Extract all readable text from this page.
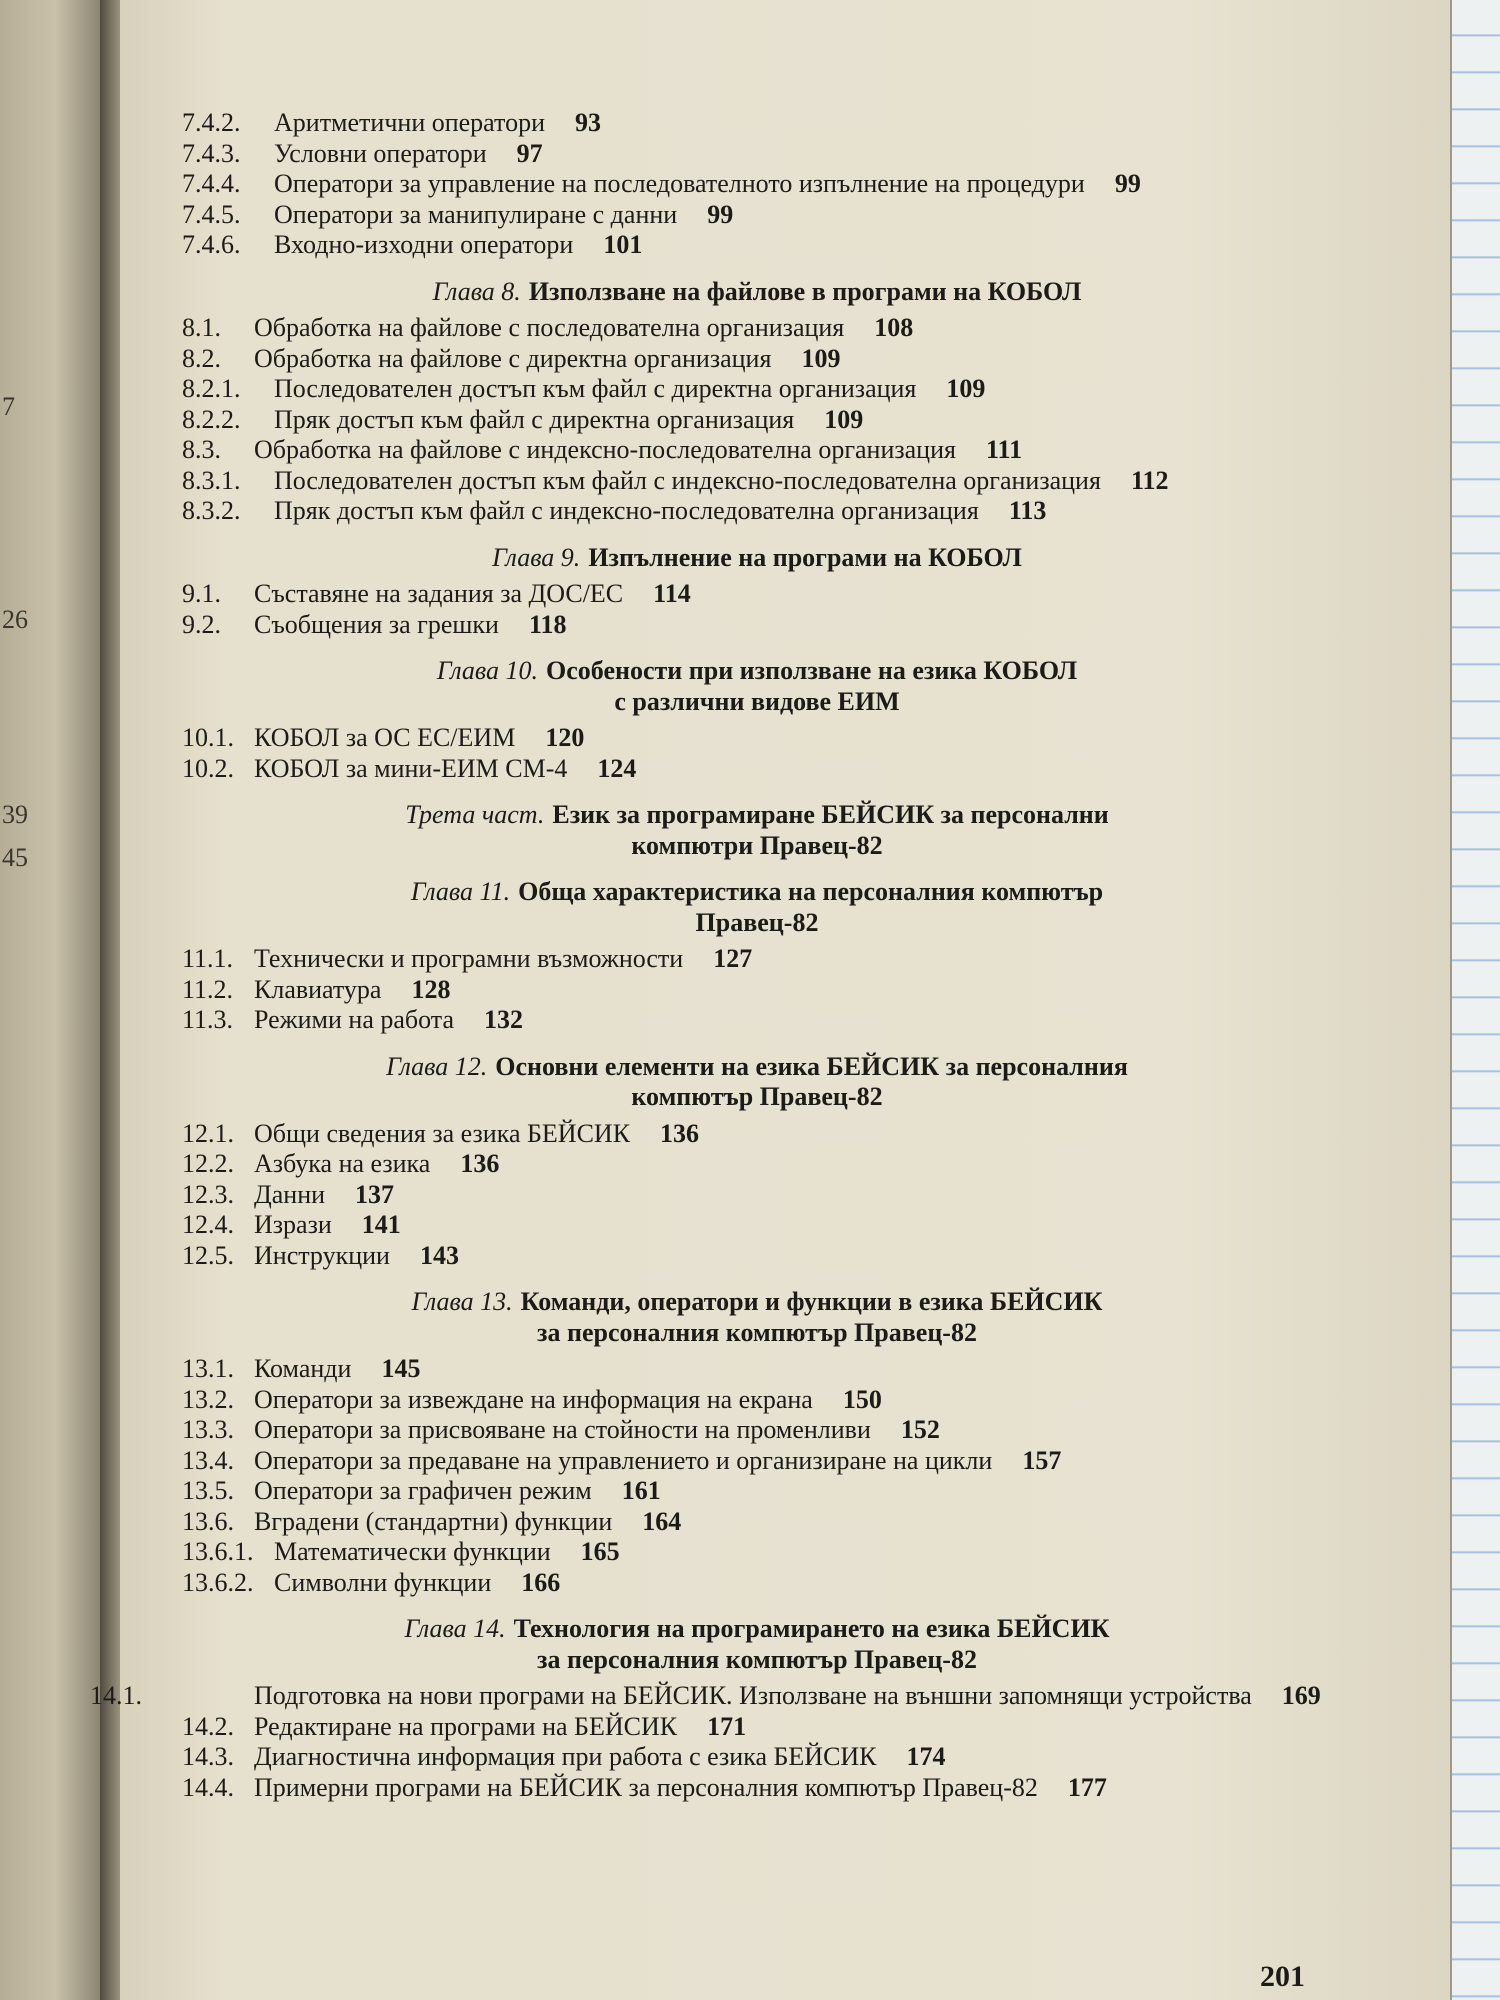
7
26
39
45
7.4.2. Аритметични оператори 93
7.4.3. Условни оператори 97
7.4.4. Оператори за управление на последователното изпълнение на процедури 99
7.4.5. Оператори за манипулиране с данни 99
7.4.6. Входно-изходни оператори 101
Глава 8. Използване на файлове в програми на КОБОЛ
8.1. Обработка на файлове с последователна организация 108
8.2. Обработка на файлове с директна организация 109
8.2.1. Последователен достъп към файл с директна организация 109
8.2.2. Пряк достъп към файл с директна организация 109
8.3. Обработка на файлове с индексно-последователна организация 111
8.3.1. Последователен достъп към файл с индексно-последователна организация 112
8.3.2. Пряк достъп към файл с индексно-последователна организация 113
Глава 9. Изпълнение на програми на КОБОЛ
9.1. Съставяне на задания за ДОС/ЕС 114
9.2. Съобщения за грешки 118
Глава 10. Особености при използване на езика КОБОЛ
с различни видове ЕИМ
10.1. КОБОЛ за ОС ЕС/ЕИМ 120
10.2. КОБОЛ за мини-ЕИМ СМ-4 124
Трета част. Език за програмиране БЕЙСИК за персонални
компютри Правец-82
Глава 11. Обща характеристика на персоналния компютър
Правец-82
11.1. Технически и програмни възможности 127
11.2. Клавиатура 128
11.3. Режими на работа 132
Глава 12. Основни елементи на езика БЕЙСИК за персоналния
компютър Правец-82
12.1. Общи сведения за езика БЕЙСИК 136
12.2. Азбука на езика 136
12.3. Данни 137
12.4. Изрази 141
12.5. Инструкции 143
Глава 13. Команди, оператори и функции в езика БЕЙСИК
за персоналния компютър Правец-82
13.1. Команди 145
13.2. Оператори за извеждане на информация на екрана 150
13.3. Оператори за присвояване на стойности на променливи 152
13.4. Оператори за предаване на управлението и организиране на цикли 157
13.5. Оператори за графичен режим 161
13.6. Вградени (стандартни) функции 164
13.6.1. Математически функции 165
13.6.2. Символни функции 166
Глава 14. Технология на програмирането на езика БЕЙСИК
за персоналния компютър Правец-82
14.1.	Подготовка на нови програми на БЕЙСИК. Използване на външни запомнящи устройства 169
14.2. Редактиране на програми на БЕЙСИК 171
14.3. Диагностична информация при работа с езика БЕЙСИК 174
14.4. Примерни програми на БЕЙСИК за персоналния компютър Правец-82 177
201
